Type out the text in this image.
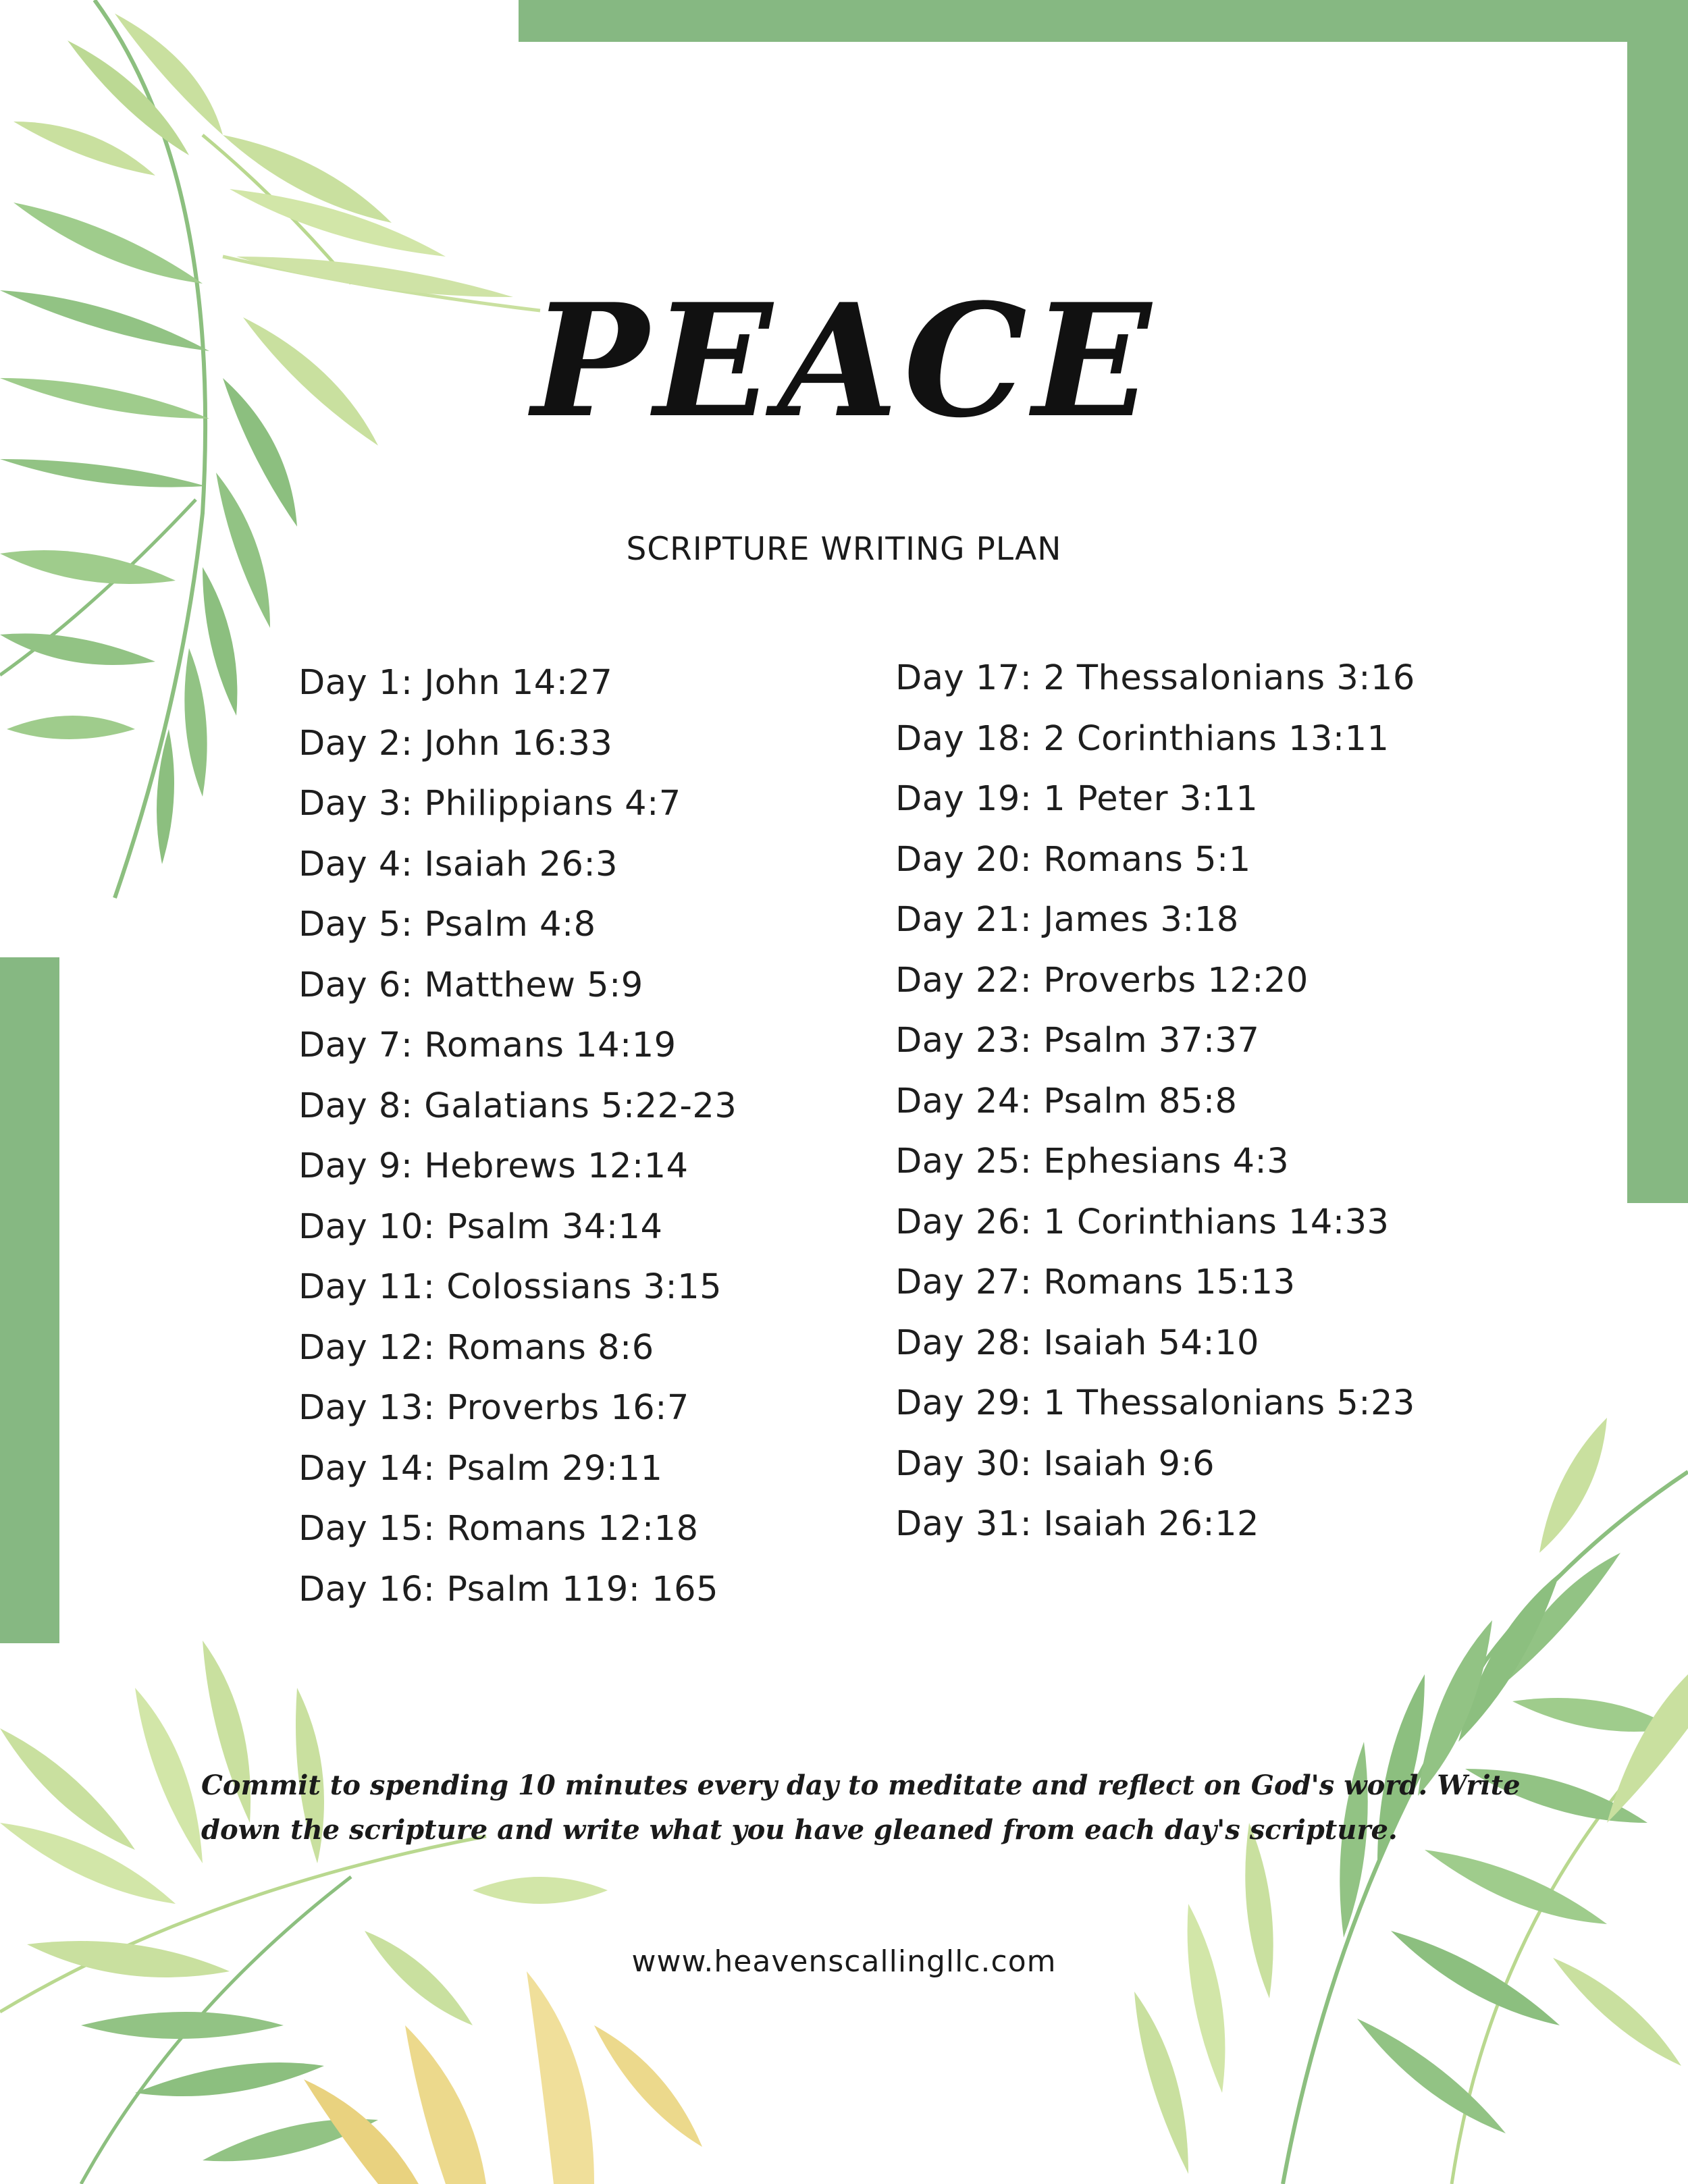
PEACE
SCRIPTURE WRITING PLAN
Day 1: John 14:27
Day 2: John 16:33
Day 3: Philippians 4:7
Day 4: Isaiah 26:3
Day 5: Psalm 4:8
Day 6: Matthew 5:9
Day 7: Romans 14:19
Day 8: Galatians 5:22-23
Day 9: Hebrews 12:14
Day 10: Psalm 34:14
Day 11: Colossians 3:15
Day 12: Romans 8:6
Day 13: Proverbs 16:7
Day 14: Psalm 29:11
Day 15: Romans 12:18
Day 16: Psalm 119: 165
Day 17: 2 Thessalonians 3:16
Day 18: 2 Corinthians 13:11
Day 19: 1 Peter 3:11
Day 20: Romans 5:1
Day 21: James 3:18
Day 22: Proverbs 12:20
Day 23: Psalm 37:37
Day 24: Psalm 85:8
Day 25: Ephesians 4:3
Day 26: 1 Corinthians 14:33
Day 27: Romans 15:13
Day 28: Isaiah 54:10
Day 29: 1 Thessalonians 5:23
Day 30: Isaiah 9:6
Day 31: Isaiah 26:12
Commit to spending 10 minutes every day to meditate and reflect on God's word. Write down the scripture and write what you have gleaned from each day's scripture.
www.heavenscallingllc.com
